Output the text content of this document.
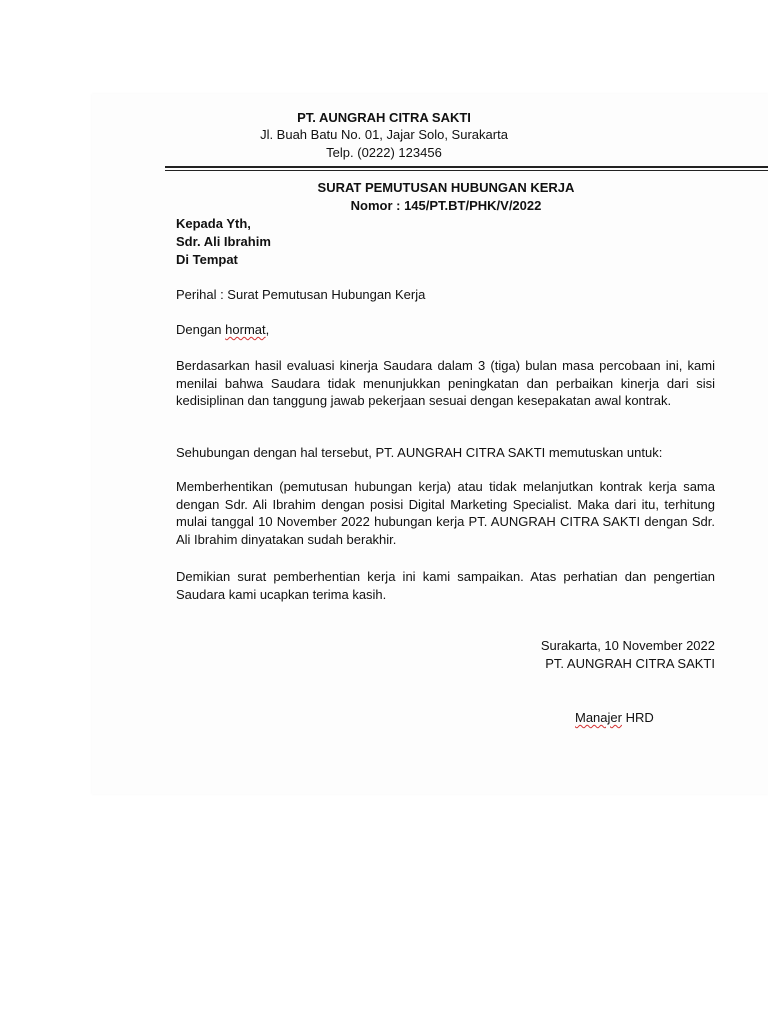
PT. AUNGRAH CITRA SAKTI
Jl. Buah Batu No. 01, Jajar Solo, Surakarta
Telp. (0222) 123456
SURAT PEMUTUSAN HUBUNGAN KERJA
Nomor : 145/PT.BT/PHK/V/2022
Kepada Yth,
Sdr. Ali Ibrahim
Di Tempat
Perihal : Surat Pemutusan Hubungan Kerja
Dengan hormat,
Berdasarkan hasil evaluasi kinerja Saudara dalam 3 (tiga) bulan masa percobaan ini, kami menilai bahwa Saudara tidak menunjukkan peningkatan dan perbaikan kinerja dari sisi kedisiplinan dan tanggung jawab pekerjaan sesuai dengan kesepakatan awal kontrak.
Sehubungan dengan hal tersebut, PT. AUNGRAH CITRA SAKTI memutuskan untuk:
Memberhentikan (pemutusan hubungan kerja) atau tidak melanjutkan kontrak kerja sama dengan Sdr. Ali Ibrahim dengan posisi Digital Marketing Specialist. Maka dari itu, terhitung mulai tanggal 10 November 2022 hubungan kerja PT. AUNGRAH CITRA SAKTI dengan Sdr. Ali Ibrahim dinyatakan sudah berakhir.
Demikian surat pemberhentian kerja ini kami sampaikan. Atas perhatian dan pengertian Saudara kami ucapkan terima kasih.
Surakarta, 10 November 2022
PT. AUNGRAH CITRA SAKTI
Manajer HRD
